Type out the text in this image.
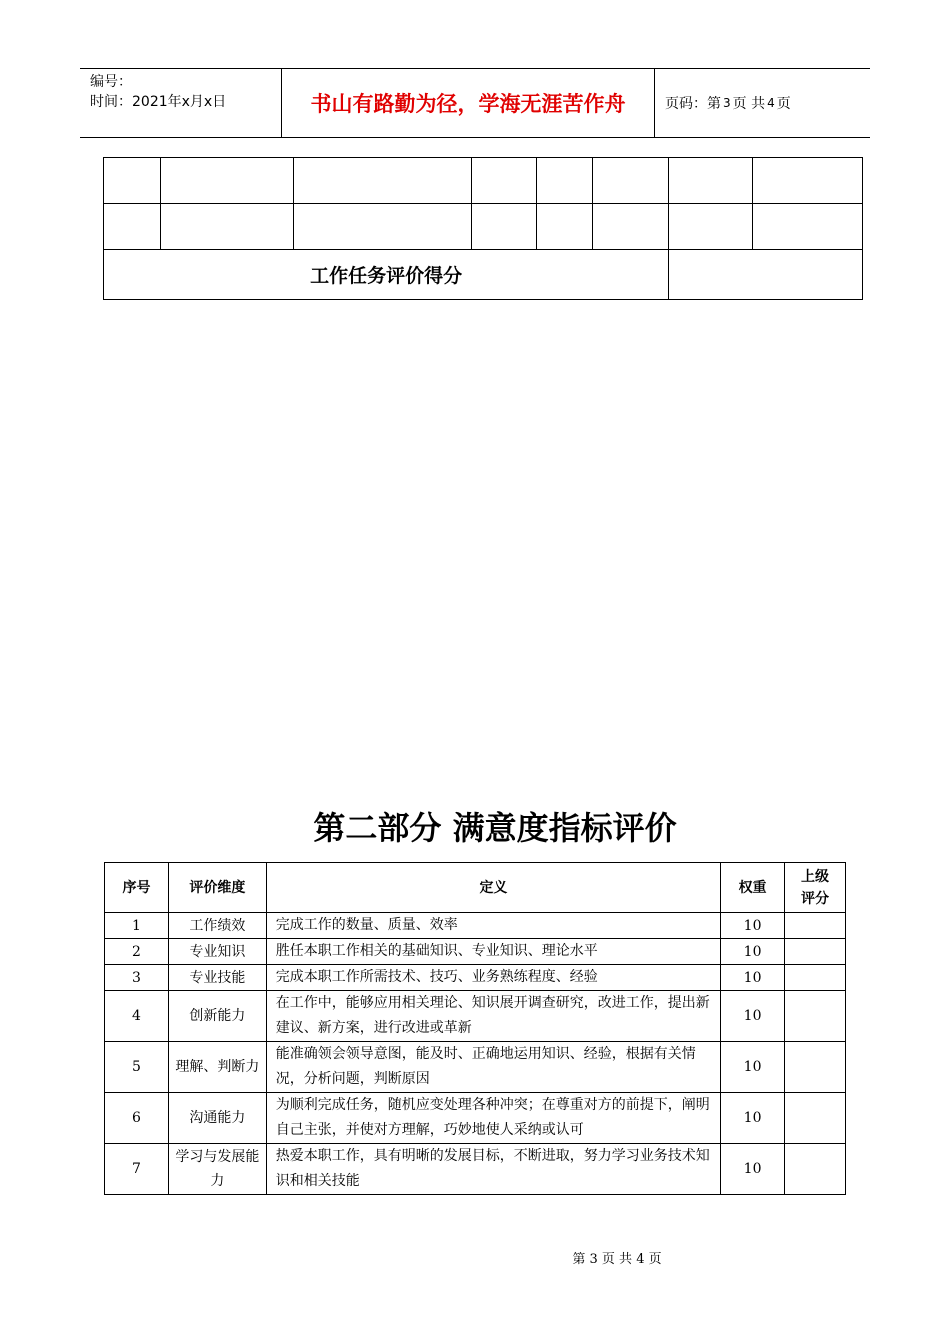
编号：
时间：2021年x月x日	书山有路勤为径，学海无涯苦作舟	页码：第 3 页 共 4 页

工作任务评价得分							
第二部分 满意度指标评价
序号	评价维度	定义	权重	上级
评分

1	工作绩效	完成工作的数量、质量、效率	10	
2	专业知识	胜任本职工作相关的基础知识、专业知识、理论水平	10	
3	专业技能	完成本职工作所需技术、技巧、业务熟练程度、经验	10	
4	创新能力	在工作中，能够应用相关理论、知识展开调查研究，改进工作，提出新建议、新方案，进行改进或革新	10	
5	理解、判断力	能准确领会领导意图，能及时、正确地运用知识、经验，根据有关情况，分析问题，判断原因	10	
6	沟通能力	为顺利完成任务，随机应变处理各种冲突；在尊重对方的前提下，阐明自己主张，并使对方理解，巧妙地使人采纳或认可	10	
7	学习与发展能力	热爱本职工作，具有明晰的发展目标，不断进取，努力学习业务技术知识和相关技能	10	
第 3 页 共 4 页
